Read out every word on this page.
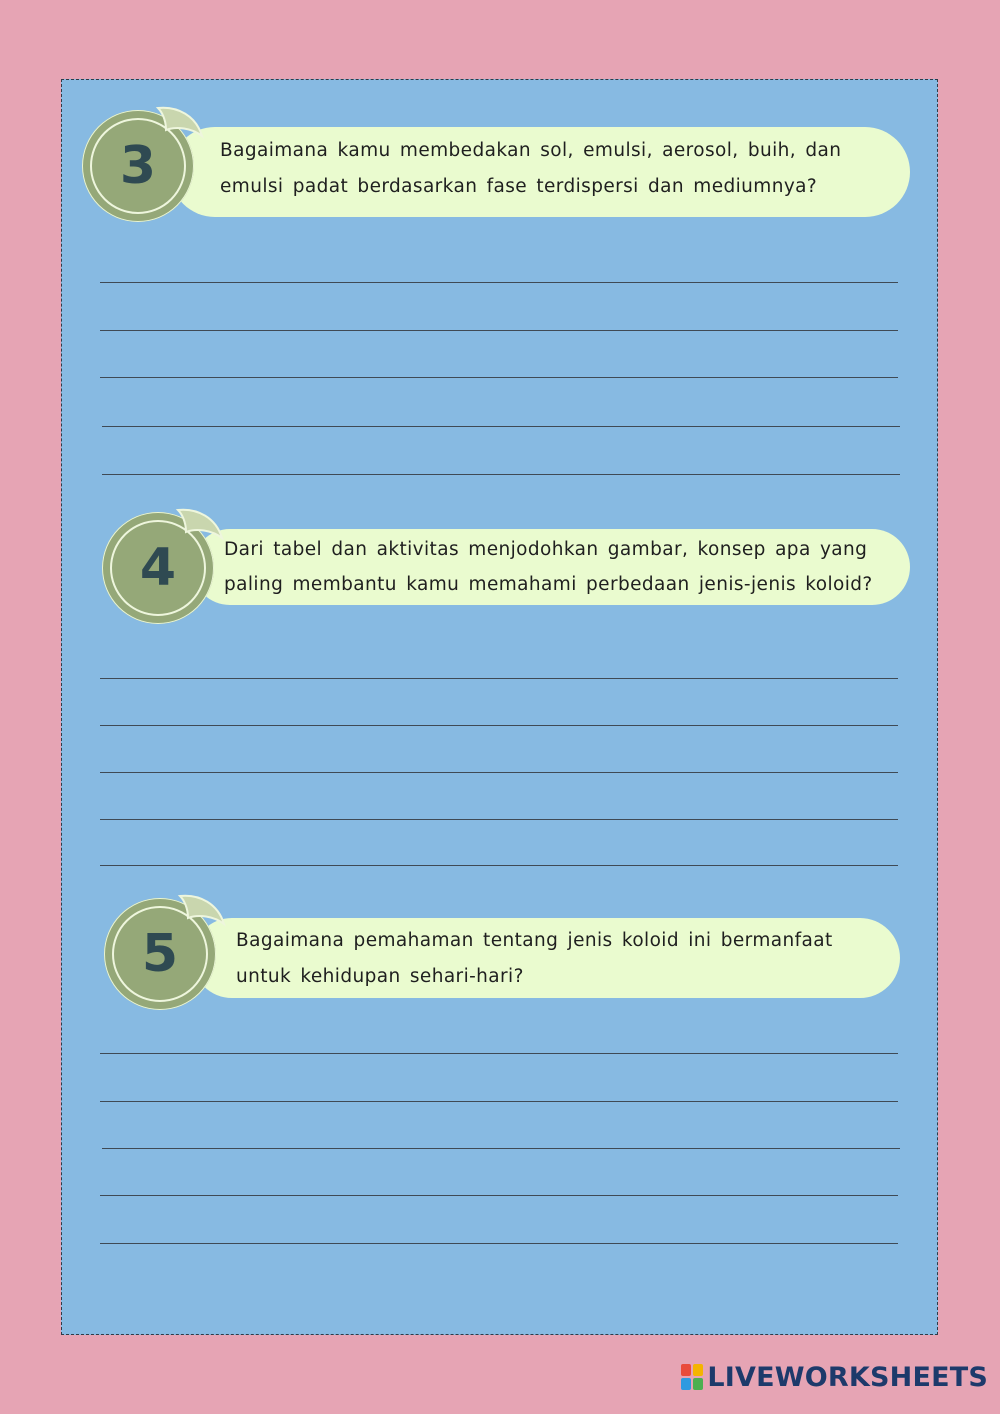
Bagaimana kamu membedakan sol, emulsi, aerosol, buih, dan
emulsi padat berdasarkan fase terdispersi dan mediumnya?
3
Dari tabel dan aktivitas menjodohkan gambar, konsep apa yang
paling membantu kamu memahami perbedaan jenis-jenis koloid?
4
Bagaimana pemahaman tentang jenis koloid ini bermanfaat
untuk kehidupan sehari-hari?
5
LIVEWORKSHEETS
